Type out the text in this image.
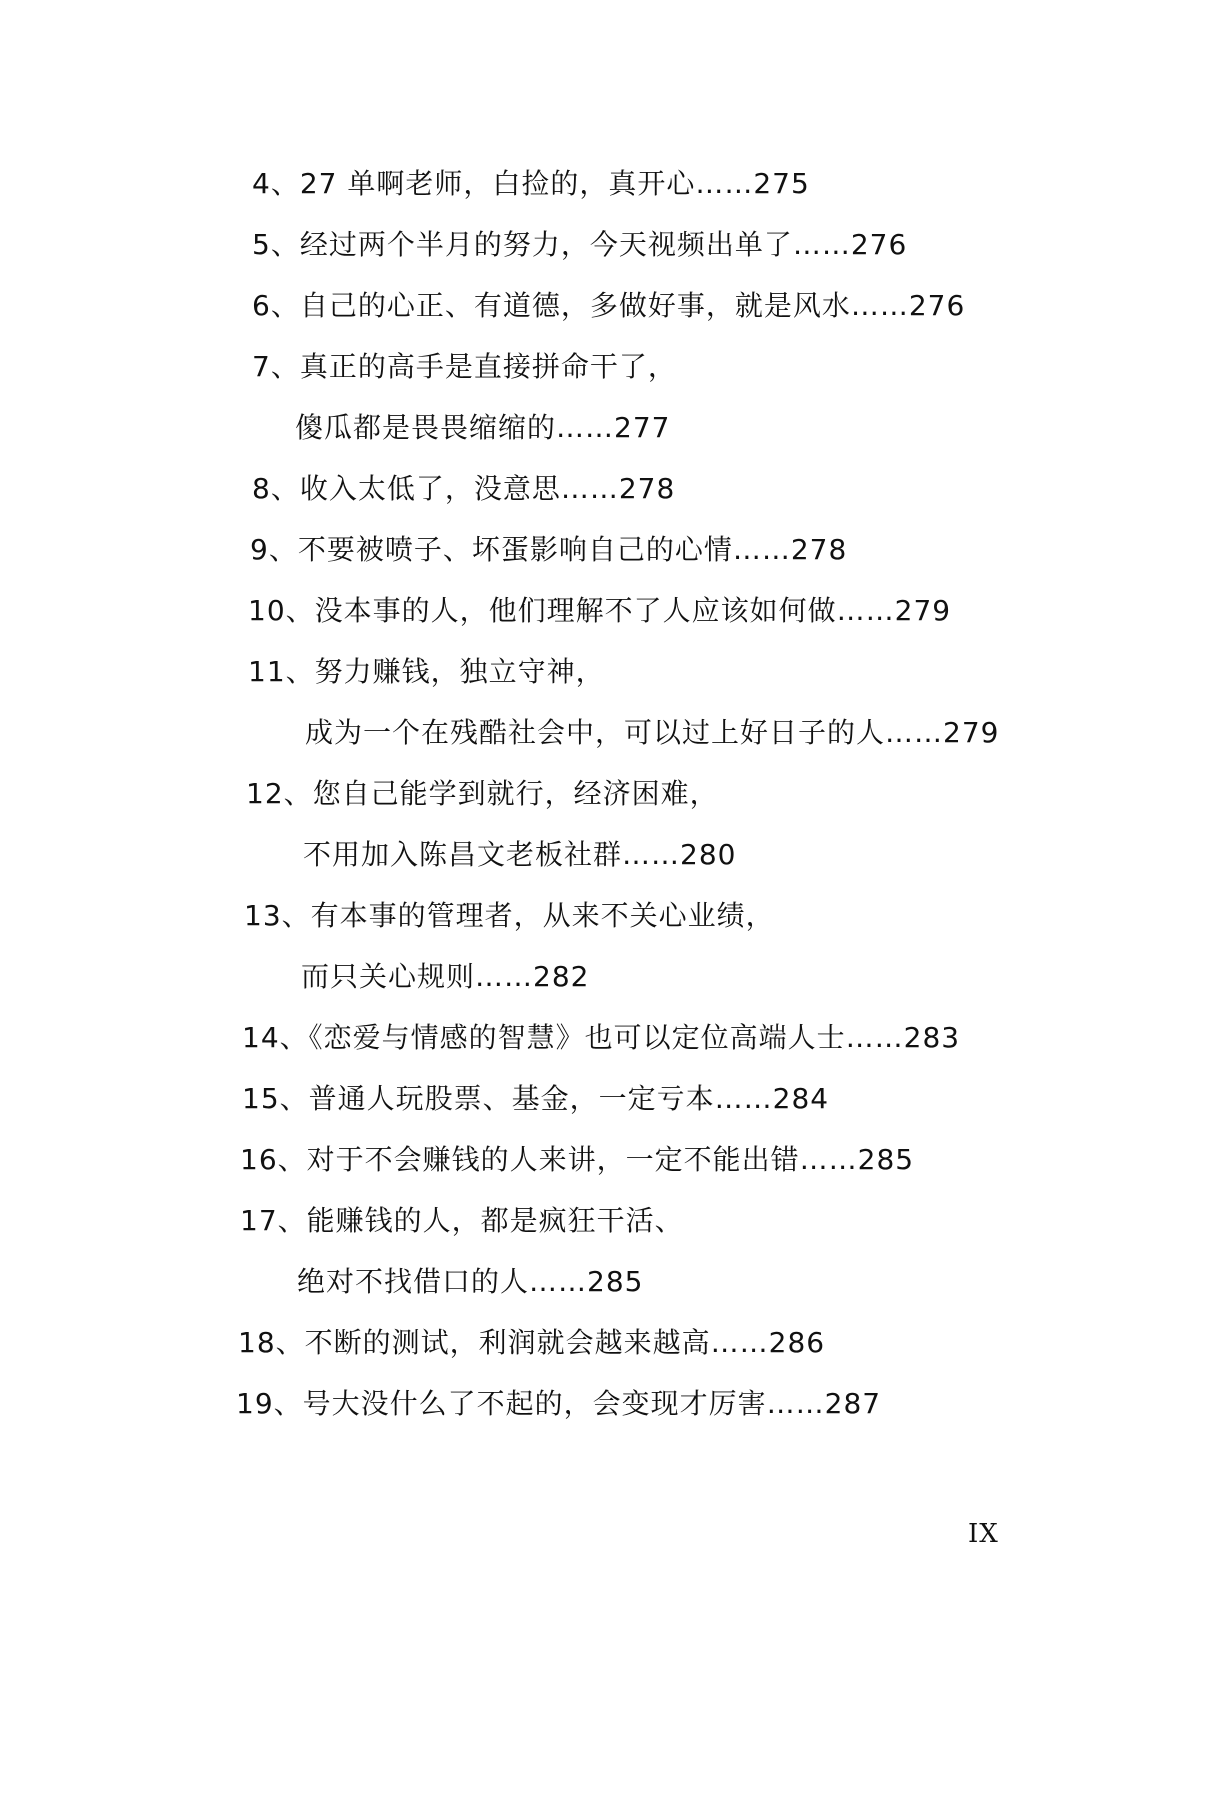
4、27 单啊老师，白捡的，真开心……275
5、经过两个半月的努力，今天视频出单了……276
6、自己的心正、有道德，多做好事，就是风水……276
7、真正的高手是直接拼命干了，
傻瓜都是畏畏缩缩的……277
8、收入太低了，没意思……278
9、不要被喷子、坏蛋影响自己的心情……278
10、没本事的人，他们理解不了人应该如何做……279
11、努力赚钱，独立守神，
成为一个在残酷社会中，可以过上好日子的人……279
12、您自己能学到就行，经济困难，
不用加入陈昌文老板社群……280
13、有本事的管理者，从来不关心业绩，
而只关心规则……282
14、《恋爱与情感的智慧》也可以定位高端人士……283
15、普通人玩股票、基金，一定亏本……284
16、对于不会赚钱的人来讲，一定不能出错……285
17、能赚钱的人，都是疯狂干活、
绝对不找借口的人……285
18、不断的测试，利润就会越来越高……286
19、号大没什么了不起的，会变现才厉害……287
IX
